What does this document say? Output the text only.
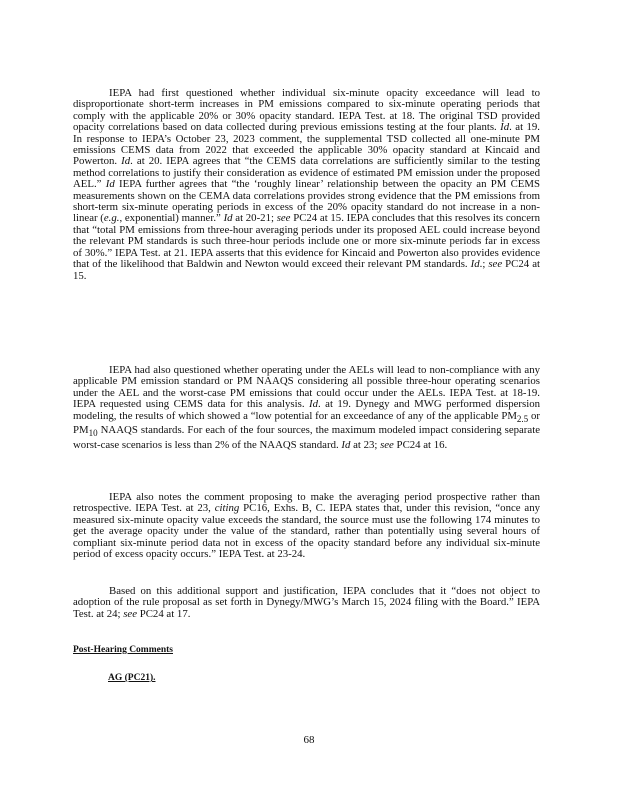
IEPA had first questioned whether individual six-minute opacity exceedance will lead to disproportionate short-term increases in PM emissions compared to six-minute operating periods that comply with the applicable 20% or 30% opacity standard. IEPA Test. at 18. The original TSD provided opacity correlations based on data collected during previous emissions testing at the four plants. Id. at 19. In response to IEPA’s October 23, 2023 comment, the supplemental TSD collected all one-minute PM emissions CEMS data from 2022 that exceeded the applicable 30% opacity standard at Kincaid and Powerton. Id. at 20. IEPA agrees that “the CEMS data correlations are sufficiently similar to the testing method correlations to justify their consideration as evidence of estimated PM emission under the proposed AEL.” Id IEPA further agrees that “the ‘roughly linear’ relationship between the opacity an PM CEMS measurements shown on the CEMA data correlations provides strong evidence that the PM emissions from short-term six-minute operating periods in excess of the 20% opacity standard do not increase in a non-linear (e.g., exponential) manner.” Id at 20-21; see PC24 at 15. IEPA concludes that this resolves its concern that “total PM emissions from three-hour averaging periods under its proposed AEL could increase beyond the relevant PM standards is such three-hour periods include one or more six-minute periods far in excess of 30%.” IEPA Test. at 21. IEPA asserts that this evidence for Kincaid and Powerton also provides evidence that of the likelihood that Baldwin and Newton would exceed their relevant PM standards. Id.; see PC24 at 15.

IEPA had also questioned whether operating under the AELs will lead to non-compliance with any applicable PM emission standard or PM NAAQS considering all possible three-hour operating scenarios under the AEL and the worst-case PM emissions that could occur under the AELs. IEPA Test. at 18-19. IEPA requested using CEMS data for this analysis. Id. at 19. Dynegy and MWG performed dispersion modeling, the results of which showed a “low potential for an exceedance of any of the applicable $PM_{2.5}$ or $PM_{10}$ NAAQS standards. For each of the four sources, the maximum modeled impact considering separate worst-case scenarios is less than 2% of the NAAQS standard. Id at 23; see PC24 at 16.

IEPA also notes the comment proposing to make the averaging period prospective rather than retrospective. IEPA Test. at 23, citing PC16, Exhs. B, C. IEPA states that, under this revision, “once any measured six-minute opacity value exceeds the standard, the source must use the following 174 minutes to get the average opacity under the value of the standard, rather than potentially using several hours of compliant six-minute period data not in excess of the opacity standard before any individual six-minute period of excess opacity occurs.” IEPA Test. at 23-24.

Based on this additional support and justification, IEPA concludes that it “does not object to adoption of the rule proposal as set forth in Dynegy/MWG’s March 15, 2024 filing with the Board.” IEPA Test. at 24; see PC24 at 17.

Post-Hearing Comments
AG (PC21).
68
